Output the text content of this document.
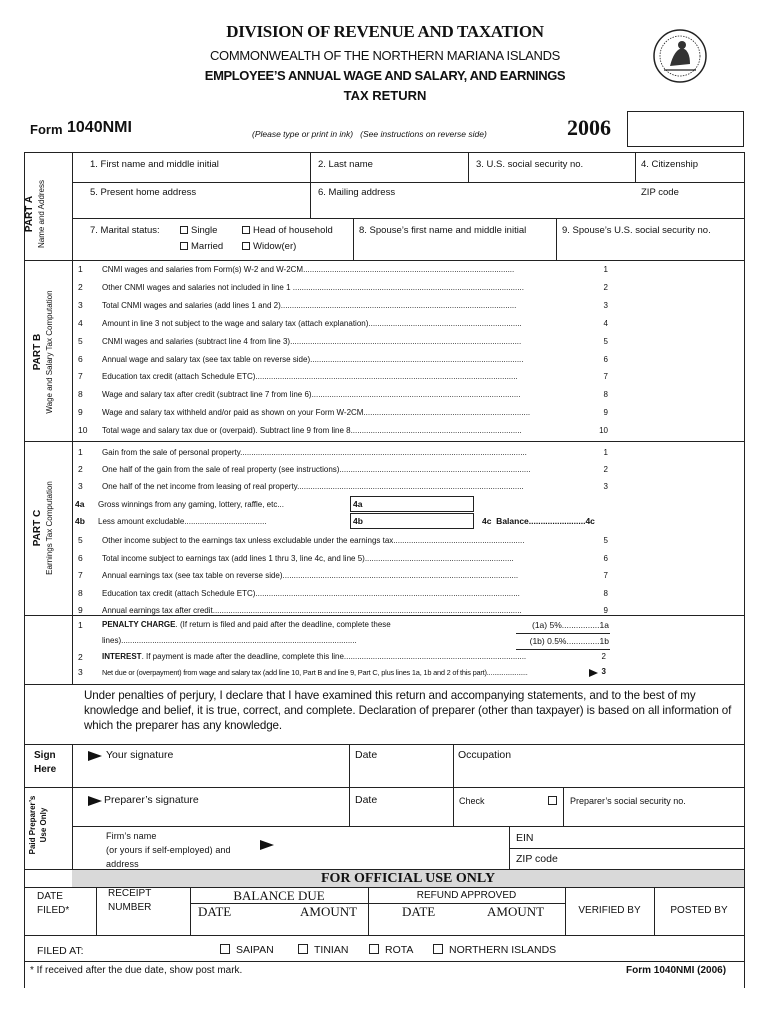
DIVISION OF REVENUE AND TAXATION
COMMONWEALTH OF THE NORTHERN MARIANA ISLANDS
EMPLOYEE’S ANNUAL WAGE AND SALARY, AND EARNINGS
TAX RETURN
Form 1040NMI	(Please type or print in ink)   (See instructions on reverse side)	2006
PART A Name and Address
1. First name and middle initial	2. Last name	3. U.S. social security no.	4. Citizenship
5. Present home address	6. Mailing address	ZIP code
7. Marital status:	Single	Head of household
Married	Widow(er)
8. Spouse’s first name and middle initial	9. Spouse’s U.S. social security no.
PART B Wage and Salary Tax Computation
1 CNMI wages and salaries from Form(s) W-2 and W-2CM...............................................................................................	1
2 Other CNMI wages and salaries not included in line 1 ........................................................................................................	2
3 Total CNMI wages and salaries (add lines 1 and 2)..........................................................................................................	3
4 Amount in line 3 not subject to the wage and salary tax (attach explanation).....................................................................	4
5 CNMI wages and salaries (subtract line 4 from line 3)........................................................................................................	5
6 Annual wage and salary tax (see tax table on reverse side)................................................................................................	6
7 Education tax credit (attach Schedule ETC)......................................................................................................................	7
8 Wage and salary tax after credit (subtract line 7 from line 6)..............................................................................................	8
9 Wage and salary tax withheld and/or paid as shown on your Form W-2CM...........................................................................	9
10 Total wage and salary tax due or (overpaid). Subtract line 9 from line 8.............................................................................	10
PART C Earnings Tax Computation
1 Gain from the sale of personal property.................................................................................................................................	1
2 One half of the gain from the sale of real property (see instructions)......................................................................................	2
3 One half of the net income from leasing of real property......................................................................................................	3
4a Gross winnings from any gaming, lottery, raffle, etc...	4a
4b Less amount excludable.....................................	4b	4c  Balance........................4c
5 Other income subject to the earnings tax unless excludable under the earnings tax...........................................................	5
6 Total income subject to earnings tax (add lines 1 thru 3, line 4c, and line 5)...................................................................	6
7 Annual earnings tax (see tax table on reverse side)..........................................................................................................	7
8 Education tax credit (attach Schedule ETC).......................................................................................................................	8
9 Annual earnings tax after credit...........................................................................................................................................	9
1 PENALTY CHARGE. (If return is filed and paid after the deadline, complete these
lines)..........................................................................................................
(1a) 5%................1a
(1b) 0.5%..............1b
2 INTEREST. If payment is made after the deadline, complete this line..................................................................................	2
3	Net due or (overpayment) from wage and salary tax (add line 10, Part B and line 9, Part C, plus lines 1a, 1b and 2 of this part)......................	3
Under penalties of perjury, I declare that I have examined this return and accompanying statements, and to the best of my knowledge and belief, it is true, correct, and complete. Declaration of preparer (other than taxpayer) is based on all information of which the preparer has any knowledge.
Sign
Here
Your signature	Date	Occupation
Paid Preparer’s Use Only
Preparer’s signature	Date	Check	Preparer’s social security no.
Firm’s name
(or yours if self-employed) and
address
EIN
ZIP code
FOR OFFICIAL USE ONLY
DATE
FILED*
RECEIPT
NUMBER
BALANCE DUE	REFUND APPROVED
DATE	AMOUNT	DATE	AMOUNT	VERIFIED BY	POSTED BY
FILED AT:	SAIPAN	TINIAN	ROTA	NORTHERN ISLANDS
* If received after the due date, show post mark.	Form 1040NMI (2006)
